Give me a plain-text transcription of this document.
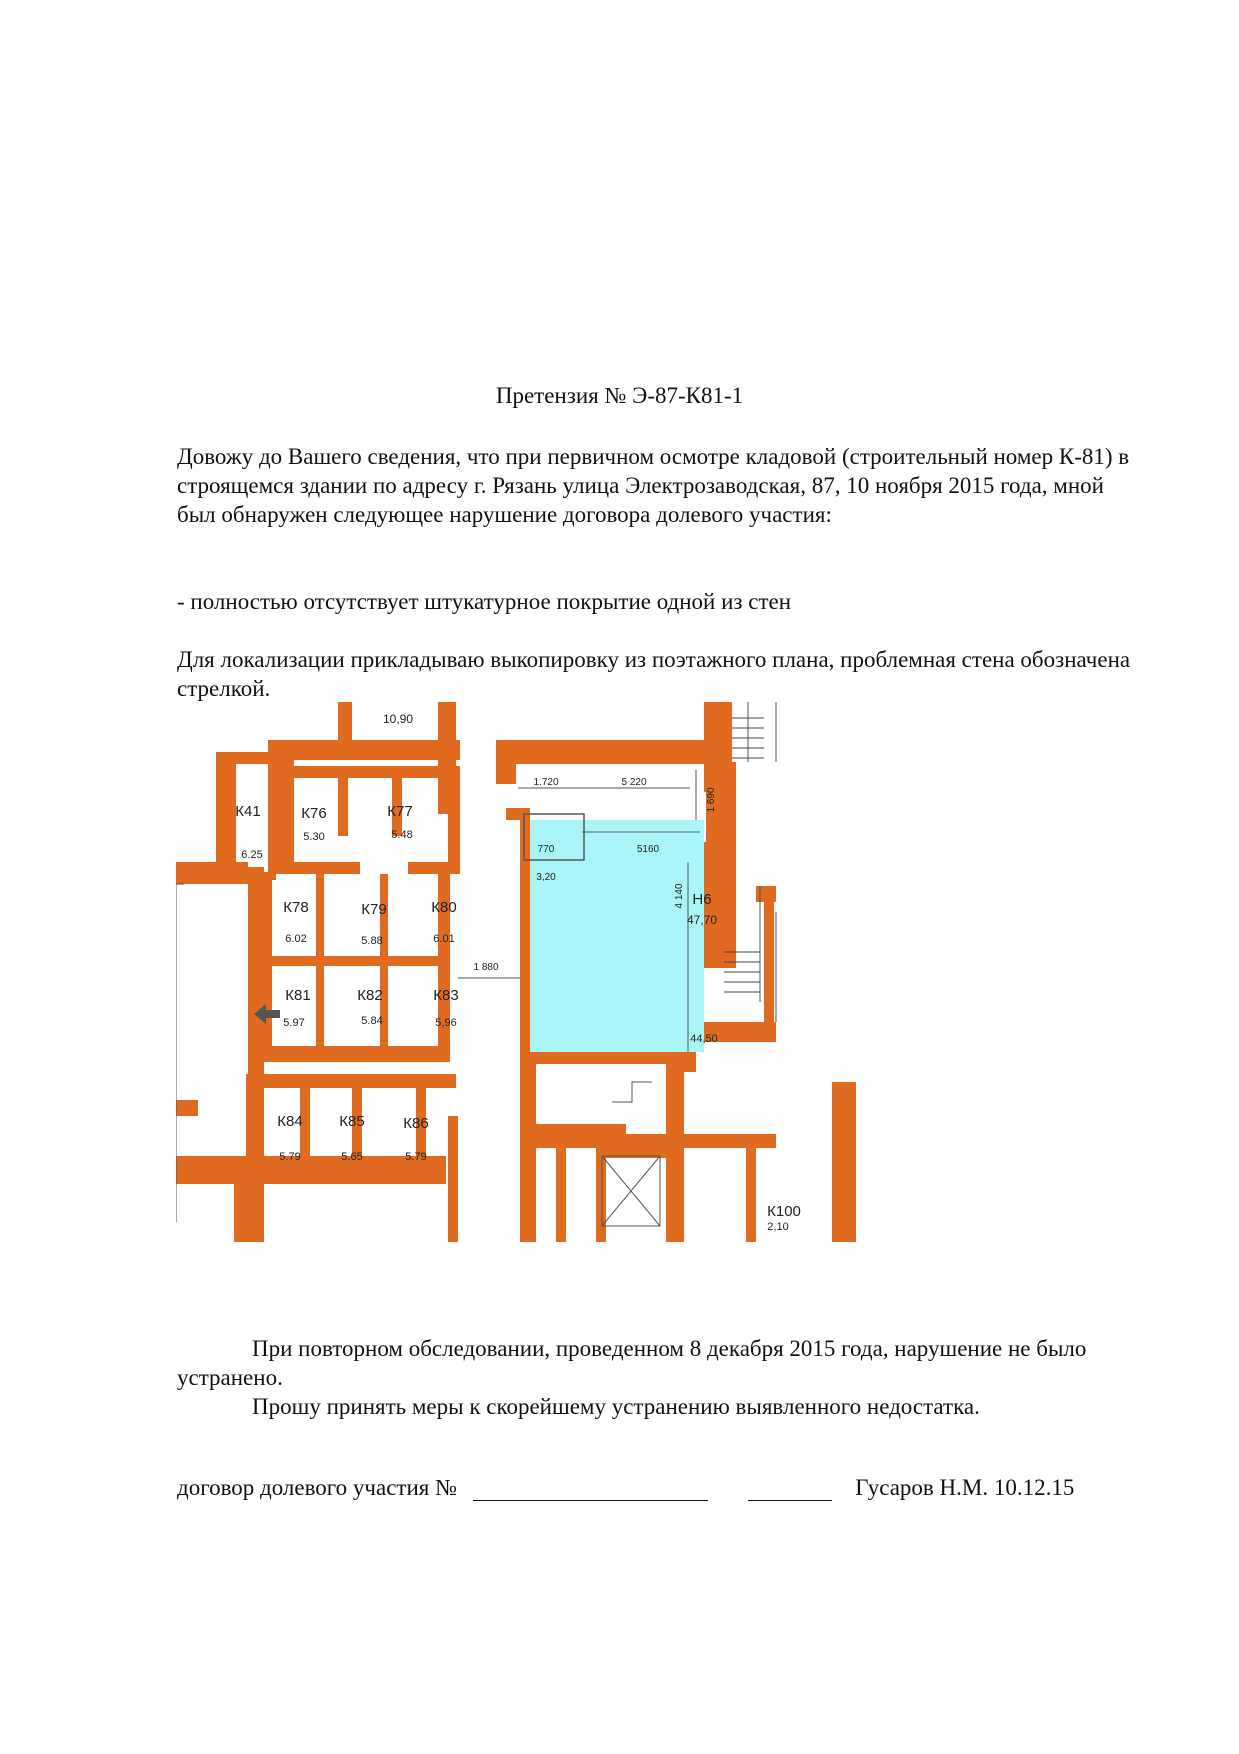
Претензия № Э-87-К81-1
Довожу до Вашего сведения, что при первичном осмотре кладовой (строительный номер К-81) в строящемся здании по адресу г. Рязань улица Электрозаводская, 87, 10 ноября 2015 года, мной был обнаружен следующее нарушение договора долевого участия:
- полностью отсутствует штукатурное покрытие одной из стен
Для локализации прикладываю выкопировку из поэтажного плана, проблемная стена обозначена стрелкой.
К41
6.25
К76
5.30
К77
5.48
К78
6.02
К79
5.88
К80
6.01
К81
5.97
К82
5.84
К83
5,96
К84
5.79
К85
5.65
К86
5.79
Н6
47,70
44,50
К100
2,10
10,90
1.720	5 220
1 690
770	5160
3,20
4 140
1 880
При повторном обследовании, проведенном 8 декабря 2015 года, нарушение не было устранено.
Прошу принять меры к скорейшему устранению выявленного недостатка.
договор долевого участия №	Гусаров Н.М. 10.12.15
